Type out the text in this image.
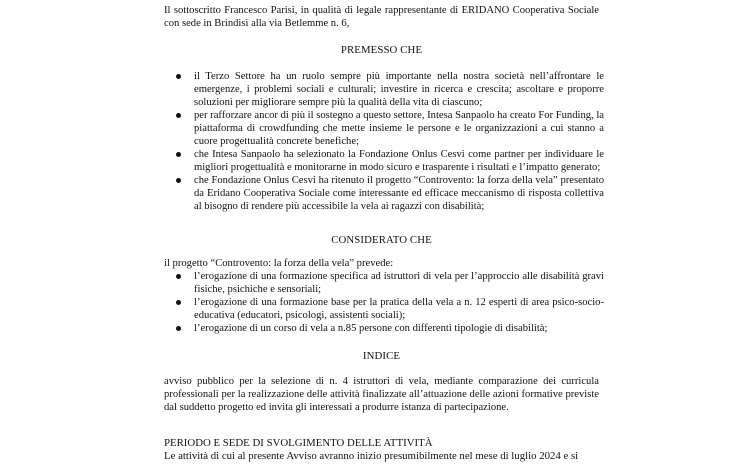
Il sottoscritto Francesco Parisi, in qualità di legale rappresentante di ERIDANO Cooperativa Sociale con sede in Brindisi alla via Betlemme n. 6,
PREMESSO CHE
il Terzo Settore ha un ruolo sempre più importante nella nostra società nell’affrontare le emergenze, i problemi sociali e culturali; investire in ricerca e crescita; ascoltare e proporre soluzioni per migliorare sempre più la qualità della vita di ciascuno;
per rafforzare ancor di più il sostegno a questo settore, Intesa Sanpaolo ha creato For Funding, la piattaforma di crowdfunding che mette insieme le persone e le organizzazioni a cui stanno a cuore progettualità concrete benefiche;
che Intesa Sanpaolo ha selezionato la Fondazione Onlus Cesvi come partner per individuare le migliori progettualità e monitorarne in modo sicuro e trasparente i risultati e l’impatto generato;
che Fondazione Onlus Cesvi ha ritenuto il progetto “Controvento: la forza della vela” presentato da Eridano Cooperativa Sociale come interessante ed efficace meccanismo di risposta collettiva al bisogno di rendere più accessibile la vela ai ragazzi con disabilità;
CONSIDERATO CHE
il progetto “Controvento: la forza della vela” prevede:
l’erogazione di una formazione specifica ad istruttori di vela per l’approccio alle disabilità gravi fisiche, psichiche e sensoriali;
l’erogazione di una formazione base per la pratica della vela a n. 12 esperti di area psico-socio-educativa (educatori, psicologi, assistenti sociali);
l’erogazione di un corso di vela a n.85 persone con differenti tipologie di disabilità;
INDICE
avviso pubblico per la selezione di n. 4 istruttori di vela, mediante comparazione dei curricula professionali per la realizzazione delle attività finalizzate all’attuazione delle azioni formative previste dal suddetto progetto ed invita gli interessati a produrre istanza di partecipazione.
PERIODO E SEDE DI SVOLGIMENTO DELLE ATTIVITÀ
Le attività di cui al presente Avviso avranno inizio presumibilmente nel mese di luglio 2024 e si
